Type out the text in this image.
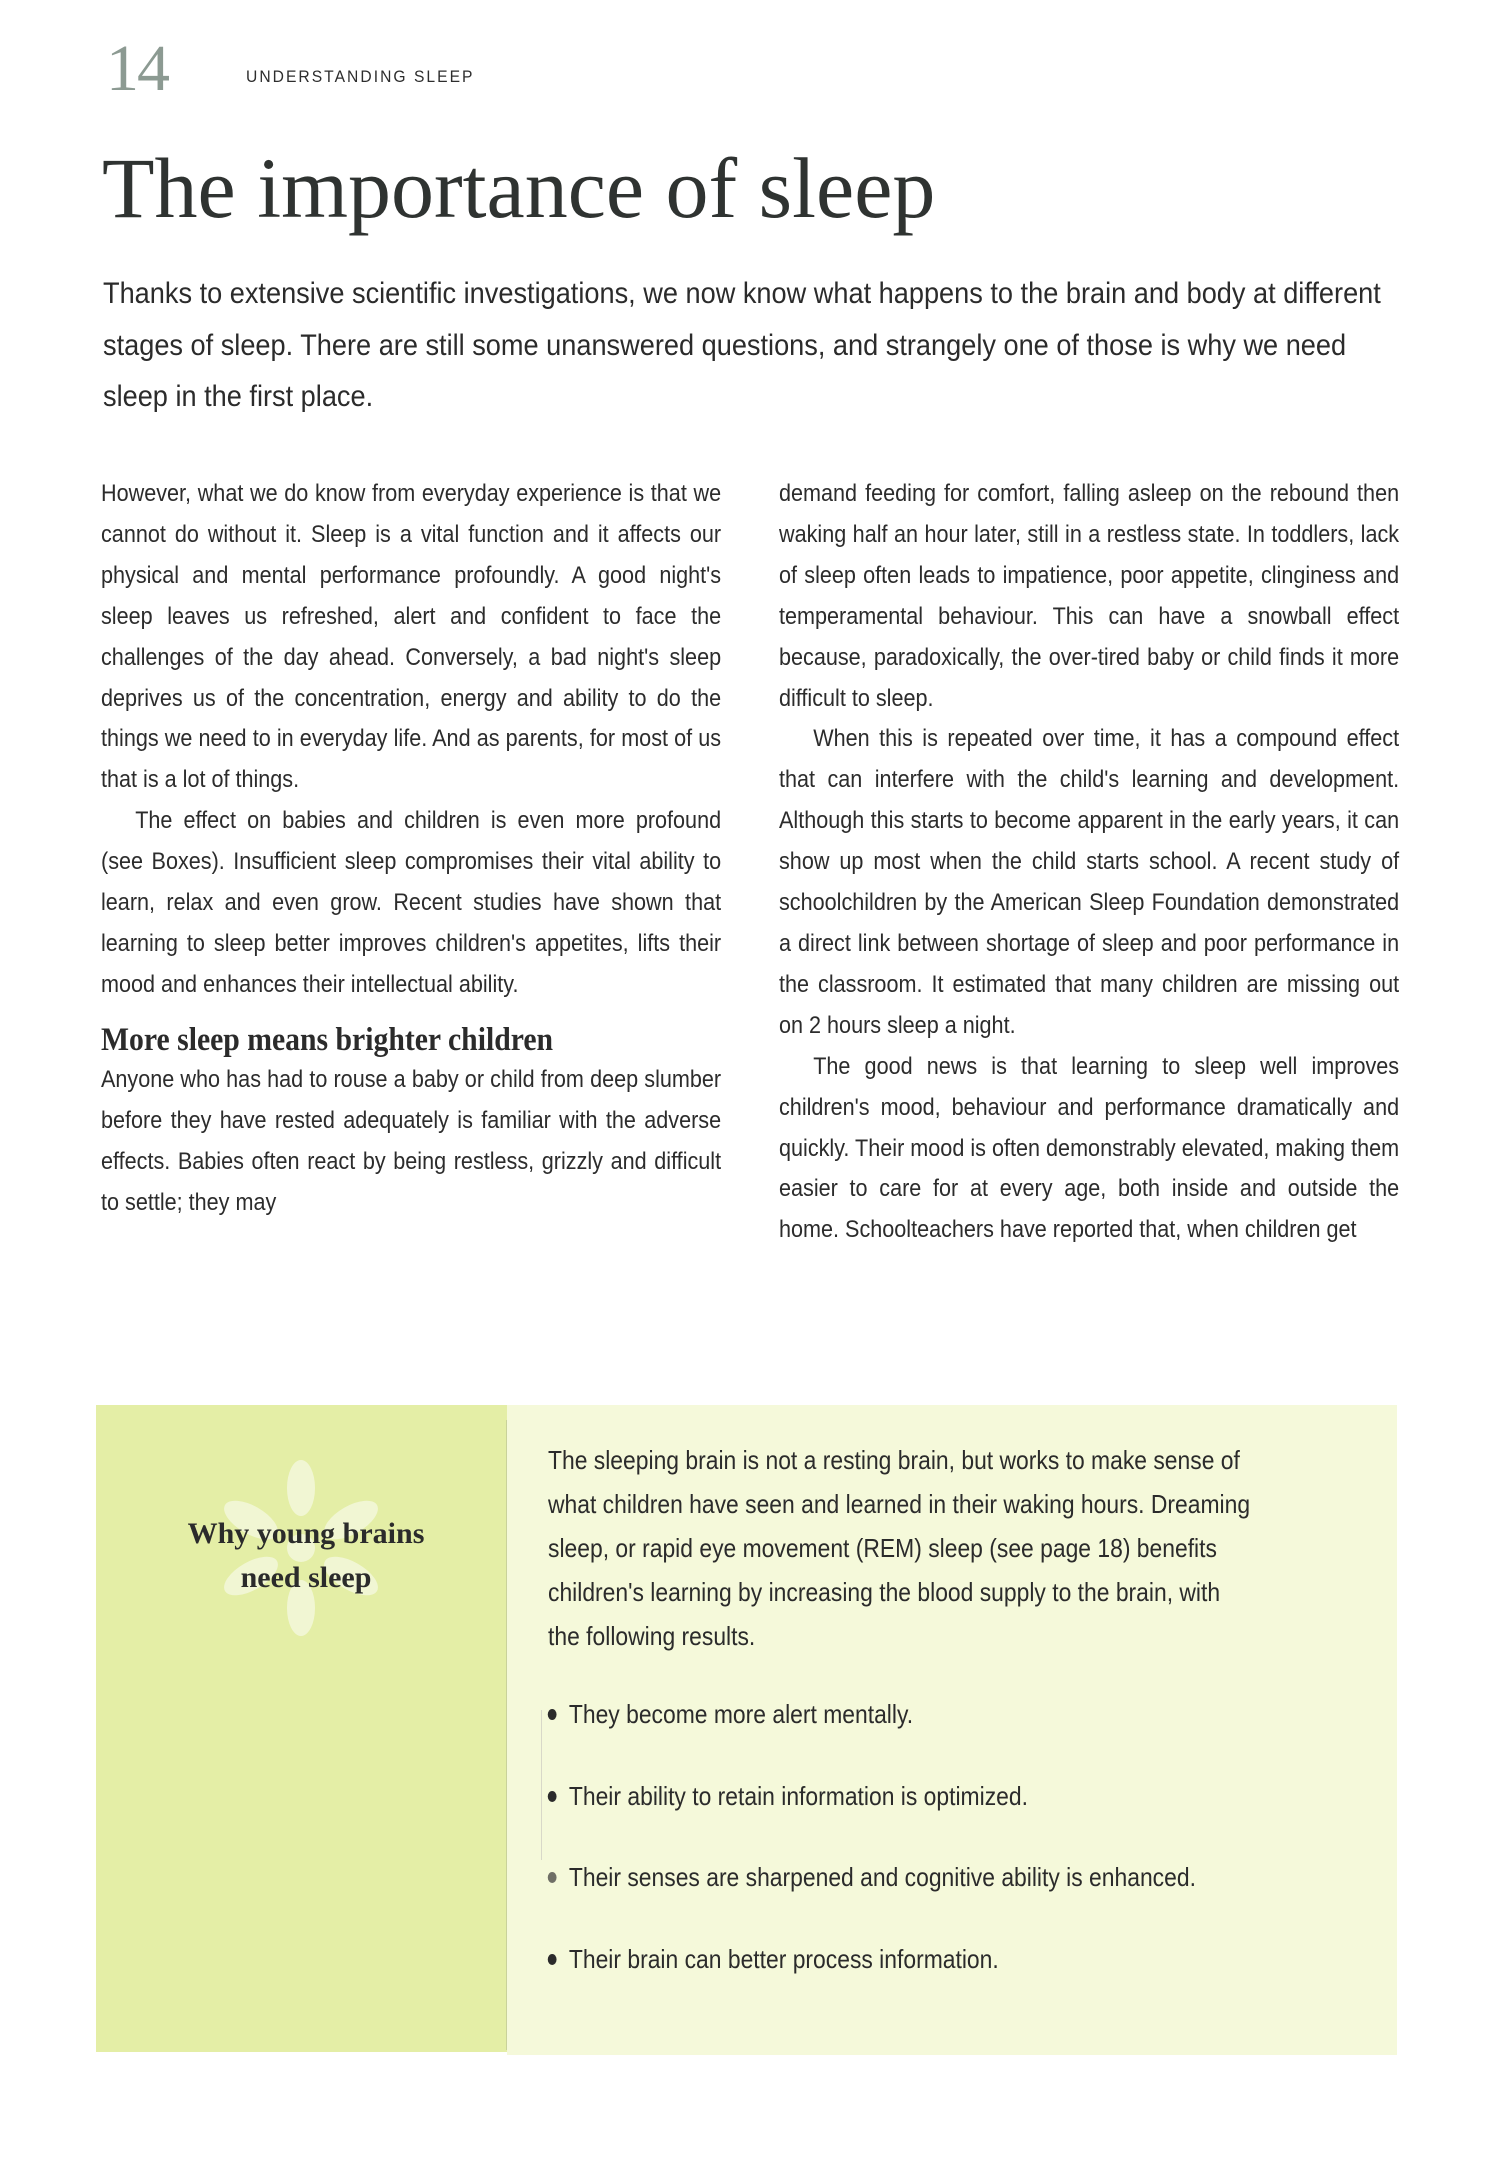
14	UNDERSTANDING SLEEP
The importance of sleep

Thanks to extensive scientific investigations, we now know what happens to the brain and body at different stages of sleep. There are still some unanswered questions, and strangely one of those is why we need sleep in the first place.

However, what we do know from everyday experience is that we cannot do without it. Sleep is a vital function and it affects our physical and mental performance profoundly. A good night's sleep leaves us refreshed, alert and confident to face the challenges of the day ahead. Conversely, a bad night's sleep deprives us of the concentration, energy and ability to do the things we need to in everyday life. And as parents, for most of us that is a lot of things.

The effect on babies and children is even more profound (see Boxes). Insufficient sleep compromises their vital ability to learn, relax and even grow. Recent studies have shown that learning to sleep better improves children's appetites, lifts their mood and enhances their intellectual ability.

More sleep means brighter children

Anyone who has had to rouse a baby or child from deep slumber before they have rested adequately is familiar with the adverse effects. Babies often react by being restless, grizzly and difficult to settle; they may

demand feeding for comfort, falling asleep on the rebound then waking half an hour later, still in a restless state. In toddlers, lack of sleep often leads to impatience, poor appetite, clinginess and temperamental behaviour. This can have a snowball effect because, paradoxically, the over-tired baby or child finds it more difficult to sleep.

When this is repeated over time, it has a compound effect that can interfere with the child's learning and development. Although this starts to become apparent in the early years, it can show up most when the child starts school. A recent study of schoolchildren by the American Sleep Foundation demonstrated a direct link between shortage of sleep and poor performance in the classroom. It estimated that many children are missing out on 2 hours sleep a night.

The good news is that learning to sleep well improves children's mood, behaviour and performance dramatically and quickly. Their mood is often demonstrably elevated, making them easier to care for at every age, both inside and outside the home. Schoolteachers have reported that, when children get

Why young brains
need sleep
The sleeping brain is not a resting brain, but works to make sense of
what children have seen and learned in their waking hours. Dreaming
sleep, or rapid eye movement (REM) sleep (see page 18) benefits
children's learning by increasing the blood supply to the brain, with
the following results.
They become more alert mentally.
Their ability to retain information is optimized.
Their senses are sharpened and cognitive ability is enhanced.
Their brain can better process information.
